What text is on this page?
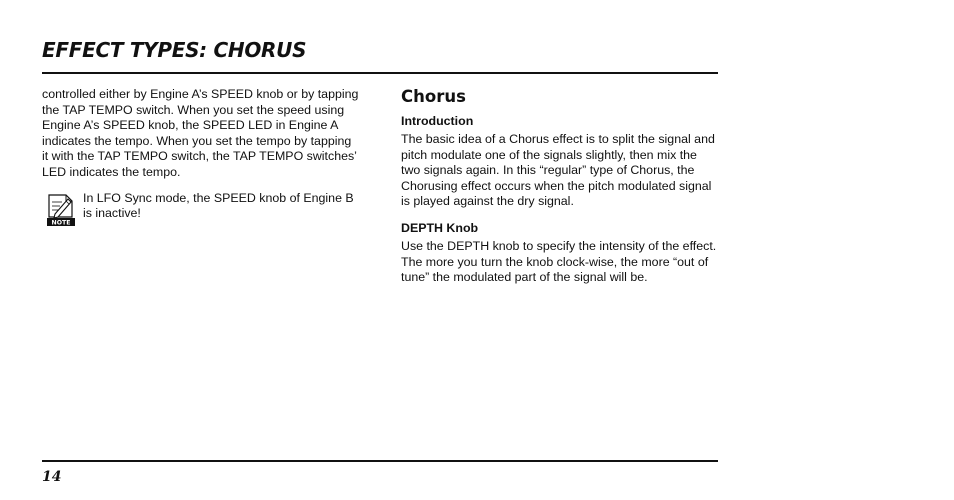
EFFECT TYPES: CHORUS

controlled either by Engine A’s SPEED knob or by tapping the TAP TEMPO switch. When you set the speed using Engine A’s SPEED knob, the SPEED LED in Engine A indicates the tempo. When you set the tempo by tapping it with the TAP TEMPO switch, the TAP TEMPO switches’ LED indicates the tempo.

NOTE

In LFO Sync mode, the SPEED knob of Engine B is inactive!

Chorus
Introduction

The basic idea of a Chorus effect is to split the signal and pitch modulate one of the signals slightly, then mix the two signals again. In this “regular” type of Chorus, the Chorusing effect occurs when the pitch modulated signal is played against the dry signal.

DEPTH Knob

Use the DEPTH knob to specify the intensity of the effect. The more you turn the knob clock-wise, the more “out of tune” the modulated part of the signal will be.

14
